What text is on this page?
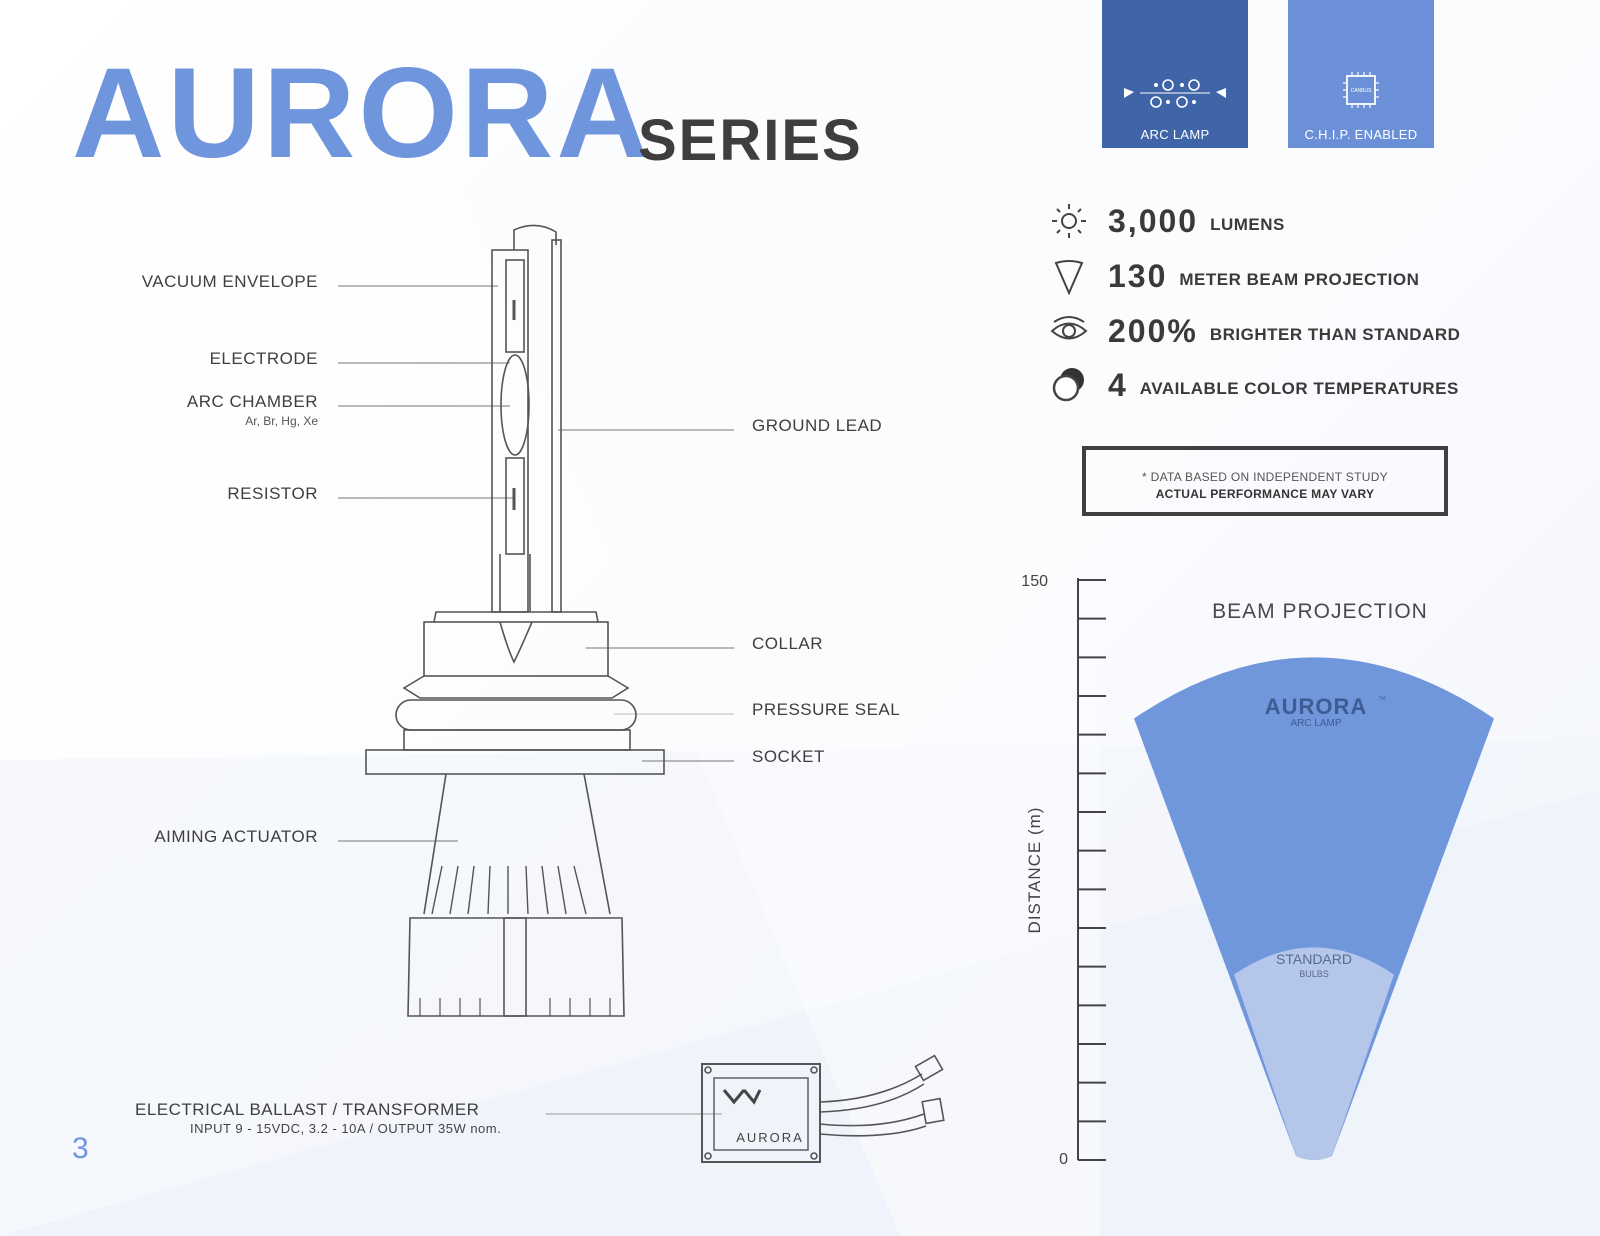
AURORA
SERIES	ARC LAMP
CANBUS
C.H.I.P. ENABLED
AURORA
VACUUM ENVELOPE
ELECTRODE
ARC CHAMBER
Ar, Br, Hg, Xe
RESISTOR
GROUND LEAD
COLLAR
PRESSURE SEAL
SOCKET
AIMING ACTUATOR
ELECTRICAL BALLAST / TRANSFORMER
INPUT 9 - 15VDC, 3.2 - 10A / OUTPUT 35W nom.
3,000 LUMENS
130 METER BEAM PROJECTION
200% BRIGHTER THAN STANDARD
4 AVAILABLE COLOR TEMPERATURES
* DATA BASED ON INDEPENDENT STUDY
ACTUAL PERFORMANCE MAY VARY
BEAM PROJECTION
150
0
DISTANCE (m)
AURORA
ARC LAMP
STANDARD
BULBS
™
3
